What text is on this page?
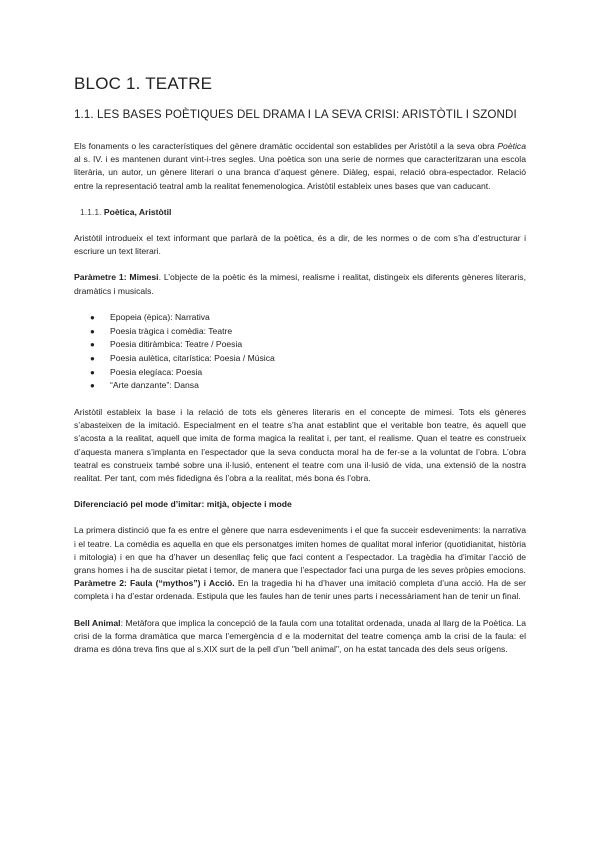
BLOC 1. TEATRE
1.1. LES BASES POÈTIQUES DEL DRAMA I LA SEVA CRISI: ARISTÒTIL I SZONDI

Els fonaments o les característiques del gènere dramàtic occidental son establides per Aristòtil a la seva obra Poètica al s. IV. i es mantenen durant vint-i-tres segles. Una poètica son una serie de normes que caracteritzaran una escola literària, un autor, un gènere literari o una branca d’aquest gènere. Diàleg, espai, relació obra-espectador. Relació entre la representació teatral amb la realitat fenemenologica. Aristòtil estableix unes bases que van caducant.

1.1.1. Poètica, Aristòtil

Aristòtil introdueix el text informant que parlarà de la poètica, és a dir, de les normes o de com s’ha d’estructurar i escriure un text literari.

Paràmetre 1: Mimesi. L’objecte de la poètic és la mimesi, realisme i realitat, distingeix els diferents gèneres literaris, dramàtics i musicals.

● Epopeia (èpica): Narrativa
● Poesia tràgica i comèdia: Teatre
● Poesia ditiràmbica: Teatre / Poesia
● Poesia aulètica, citarística: Poesia / Música
● Poesia elegíaca: Poesia
● “Arte danzante”: Dansa

Aristòtil estableix la base i la relació de tots els gèneres literaris en el concepte de mimesi. Tots els gèneres s’abasteixen de la imitació. Especialment en el teatre s’ha anat establint que el veritable bon teatre, és aquell que s’acosta a la realitat, aquell que imita de forma magica la realitat i, per tant, el realisme. Quan el teatre es construeix d’aquesta manera s’implanta en l’espectador que la seva conducta moral ha de fer-se a la voluntat de l’obra. L’obra teatral es construeix també sobre una il·lusió, entenent el teatre com una il·lusió de vida, una extensió de la nostra realitat. Per tant, com més fidedigna és l’obra a la realitat, més bona és l’obra.

Diferenciació pel mode d’imitar: mitjà, objecte i mode

La primera distinció que fa es entre el gènere que narra esdeveniments i el que fa succeir esdeveniments: la narrativa i el teatre. La comèdia es aquella en que els personatges imiten homes de qualitat moral inferior (quotidianitat, història i mitologia) i en que ha d’haver un desenllaç feliç que faci content a l’espectador. La tragèdia ha d’imitar l’acció de grans homes i ha de suscitar pietat i temor, de manera que l’espectador faci una purga de les seves pròpies emocions.

Paràmetre 2: Faula (“mythos”) i Acció. En la tragedia hi ha d’haver una imitació completa d’una acció. Ha de ser completa i ha d’estar ordenada. Estipula que les faules han de tenir unes parts i necessàriament han de tenir un final.

Bell Animal: Metàfora que implica la concepció de la faula com una totalitat ordenada, unada al llarg de la Poètica. La crisi de la forma dramàtica que marca l’emergència d e la modernitat del teatre comença amb la crisi de la faula: el drama es dóna treva fins que al s.XIX surt de la pell d’un "bell animal", on ha estat tancada des dels seus orígens.
